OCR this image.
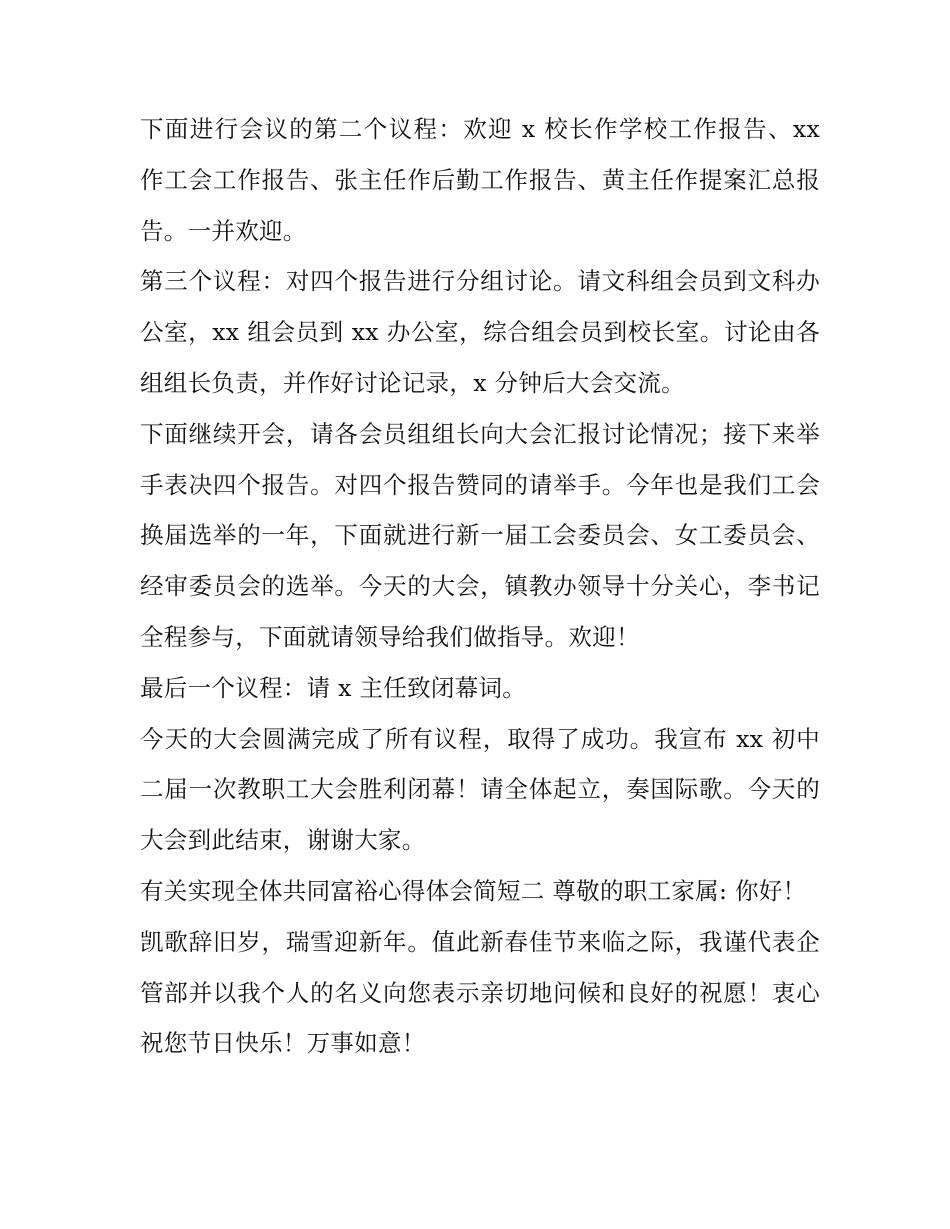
下面进行会议的第二个议程：欢迎 x 校长作学校工作报告、xx 作工会工作报告、张主任作后勤工作报告、黄主任作提案汇总报告。一并欢迎。

第三个议程：对四个报告进行分组讨论。请文科组会员到文科办公室，xx 组会员到 xx 办公室，综合组会员到校长室。讨论由各组组长负责，并作好讨论记录，x 分钟后大会交流。

下面继续开会，请各会员组组长向大会汇报讨论情况；接下来举手表决四个报告。对四个报告赞同的请举手。今年也是我们工会换届选举的一年，下面就进行新一届工会委员会、女工委员会、经审委员会的选举。今天的大会，镇教办领导十分关心，李书记全程参与，下面就请领导给我们做指导。欢迎！

最后一个议程：请 x 主任致闭幕词。

今天的大会圆满完成了所有议程，取得了成功。我宣布 xx 初中二届一次教职工大会胜利闭幕！请全体起立，奏国际歌。今天的大会到此结束，谢谢大家。

有关实现全体共同富裕心得体会简短二 尊敬的职工家属: 你好！

凯歌辞旧岁，瑞雪迎新年。值此新春佳节来临之际，我谨代表企管部并以我个人的名义向您表示亲切地问候和良好的祝愿！衷心祝您节日快乐！万事如意！
